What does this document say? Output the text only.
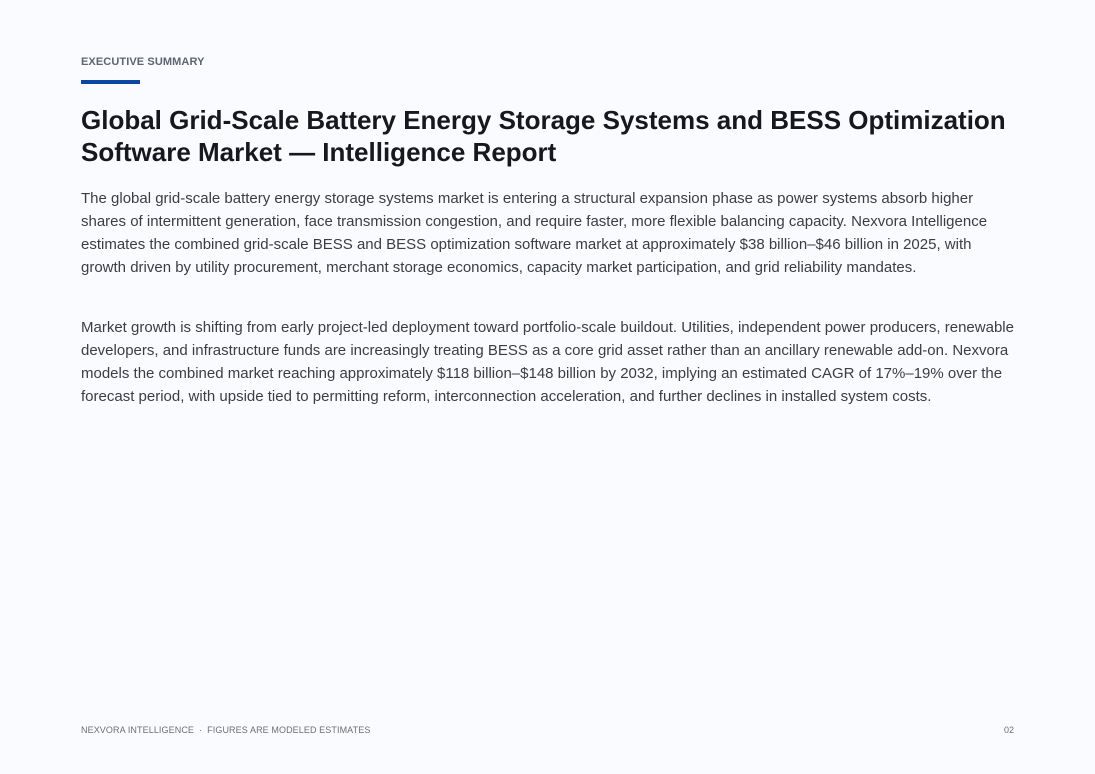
EXECUTIVE SUMMARY
Global Grid-Scale Battery Energy Storage Systems and BESS Optimization Software Market — Intelligence Report

The global grid-scale battery energy storage systems market is entering a structural expansion phase as power systems absorb higher shares of intermittent generation, face transmission congestion, and require faster, more flexible balancing capacity. Nexvora Intelligence estimates the combined grid-scale BESS and BESS optimization software market at approximately $38 billion–$46 billion in 2025, with growth driven by utility procurement, merchant storage economics, capacity market participation, and grid reliability mandates.

Market growth is shifting from early project-led deployment toward portfolio-scale buildout. Utilities, independent power producers, renewable developers, and infrastructure funds are increasingly treating BESS as a core grid asset rather than an ancillary renewable add-on. Nexvora models the combined market reaching approximately $118 billion–$148 billion by 2032, implying an estimated CAGR of 17%–19% over the forecast period, with upside tied to permitting reform, interconnection acceleration, and further declines in installed system costs.

NEXVORA INTELLIGENCE · FIGURES ARE MODELED ESTIMATES	02
